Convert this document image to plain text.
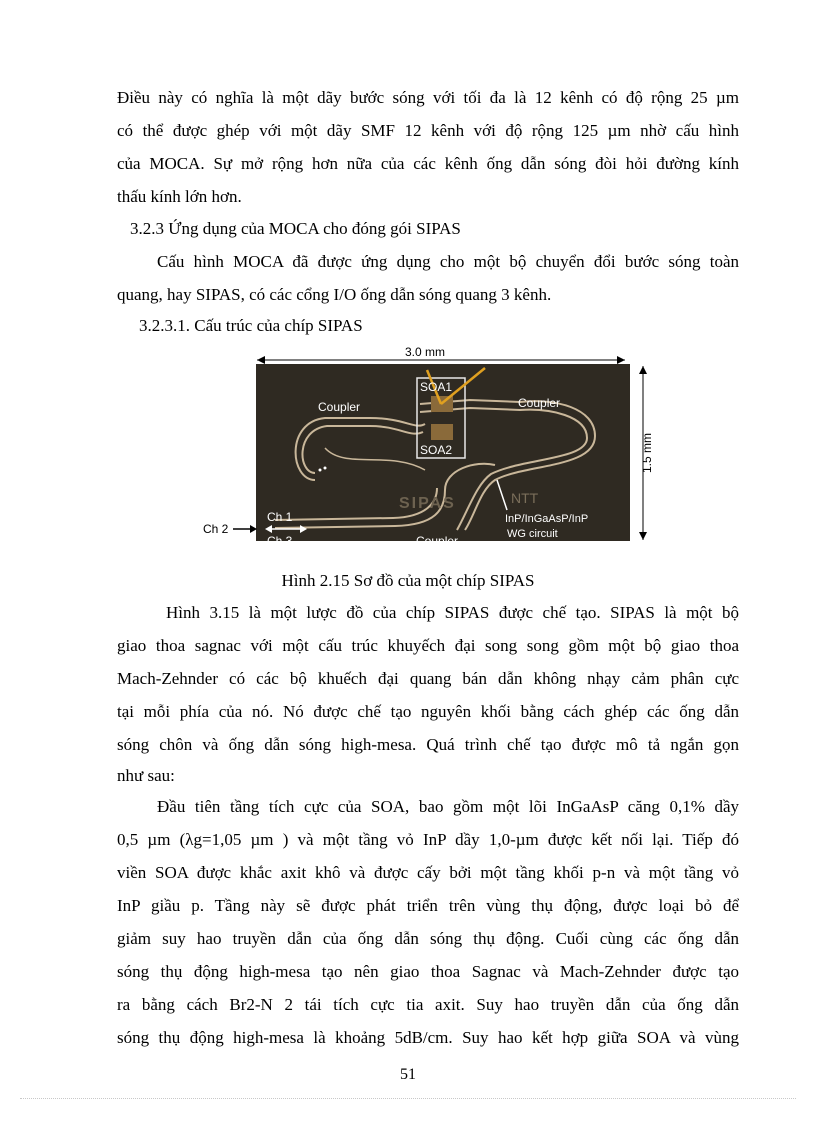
Điều này có nghĩa là một dãy bước sóng với tối đa là 12 kênh có độ rộng 25 µm
có thể được ghép với một dãy SMF 12 kênh với độ rộng 125 µm nhờ cấu hình
của MOCA. Sự mở rộng hơn nữa của các kênh ống dẫn sóng đòi hỏi đường kính
thấu kính lớn hơn.
3.2.3 Ứng dụng của MOCA cho đóng gói SIPAS
Cấu hình MOCA đã được ứng dụng cho một bộ chuyển đổi bước sóng toàn
quang, hay SIPAS, có các cổng I/O ống dẫn sóng quang 3 kênh.
3.2.3.1. Cấu trúc của chíp SIPAS
3.0 mm
1.5 mm
SOA1
SOA2
Coupler	Coupler
Coupler
SIPAS	NTT
InP/InGaAsP/InP
WG circuit
Ch 1
Ch 3
Ch 2
Hình 2.15 Sơ đồ của một chíp SIPAS
Hình 3.15 là một lược đồ của chíp SIPAS được chế tạo. SIPAS là một bộ
giao thoa sagnac với một cấu trúc khuyếch đại song song gồm một bộ giao thoa
Mach-Zehnder có các bộ khuếch đại quang bán dẫn không nhạy cảm phân cực
tại mỗi phía của nó. Nó được chế tạo nguyên khối bằng cách ghép các ống dẫn
sóng chôn và ống dẫn sóng high-mesa. Quá trình chế tạo được mô tả ngắn gọn
như sau:
Đầu tiên tầng tích cực của SOA, bao gồm một lõi InGaAsP căng 0,1% dầy
0,5 µm (λg=1,05 µm ) và một tầng vỏ InP dầy 1,0-µm được kết nối lại. Tiếp đó
viền SOA được khắc axit khô và được cấy bởi một tầng khối p-n và một tầng vỏ
InP giầu p. Tầng này sẽ được phát triển trên vùng thụ động, được loại bỏ để
giảm suy hao truyền dẫn của ống dẫn sóng thụ động. Cuối cùng các ống dẫn
sóng thụ động high-mesa tạo nên giao thoa Sagnac và Mach-Zehnder được tạo
ra bằng cách Br2-N 2 tái tích cực tia axit. Suy hao truyền dẫn của ống dẫn
sóng thụ động high-mesa là khoảng 5dB/cm. Suy hao kết hợp giữa SOA và vùng
51
